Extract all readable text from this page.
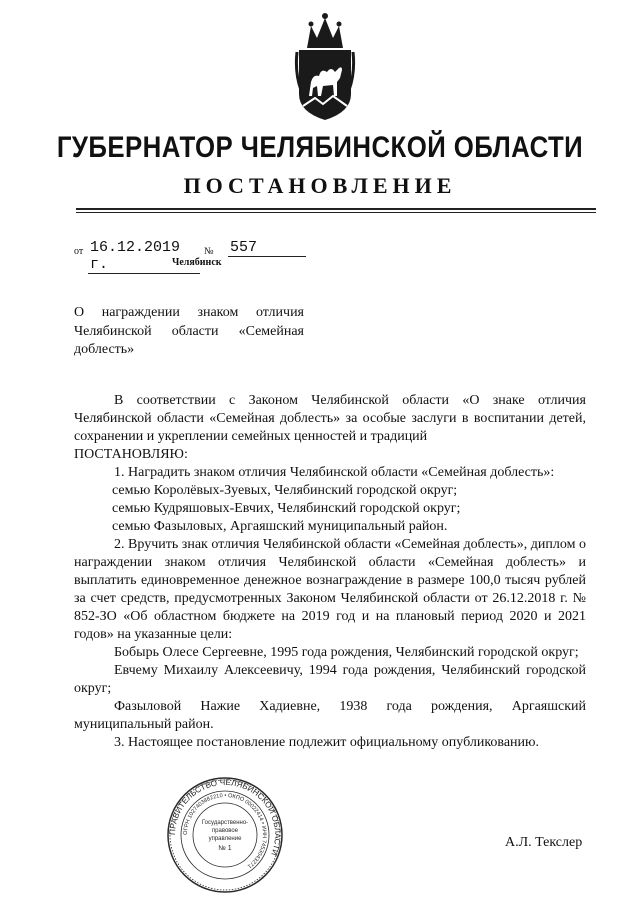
ГУБЕРНАТОР ЧЕЛЯБИНСКОЙ ОБЛАСТИ
ПОСТАНОВЛЕНИЕ
от 16.12.2019 г.
№ 557
Челябинск
О награждении знаком отличия Челябинской области «Семейная доблесть»

В соответствии с Законом Челябинской области «О знаке отличия Челябинской области «Семейная доблесть» за особые заслуги в воспитании детей, сохранении и укреплении семейных ценностей и традиций

ПОСТАНОВЛЯЮ:

1. Наградить знаком отличия Челябинской области «Семейная доблесть»:

семью Королёвых-Зуевых, Челябинский городской округ;

семью Кудряшовых-Евчих, Челябинский городской округ;

семью Фазыловых, Аргаяшский муниципальный район.

2. Вручить знак отличия Челябинской области «Семейная доблесть», диплом о награждении знаком отличия Челябинской области «Семейная доблесть» и выплатить единовременное денежное вознаграждение в размере 100,0 тысяч рублей за счет средств, предусмотренных Законом Челябинской области от 26.12.2018 г. № 852-ЗО «Об областном бюджете на 2019 год и на плановый период 2020 и 2021 годов» на указанные цели:

Бобырь Олесе Сергеевне, 1995 года рождения, Челябинский городской округ;

Евчему Михаилу Алексеевичу, 1994 года рождения, Челябинский городской округ;

Фазыловой Нажие Хадиевне, 1938 года рождения, Аргаяшский муниципальный район.

3. Настоящее постановление подлежит официальному опубликованию.

ПРАВИТЕЛЬСТВО ЧЕЛЯБИНСКОЙ ОБЛАСТИ
ОГРН 1027403882210 • ОКПО 00022414 • ИНН 7453043271
Государственно-
правовое
управление
№ 1	А.Л. Текслер
